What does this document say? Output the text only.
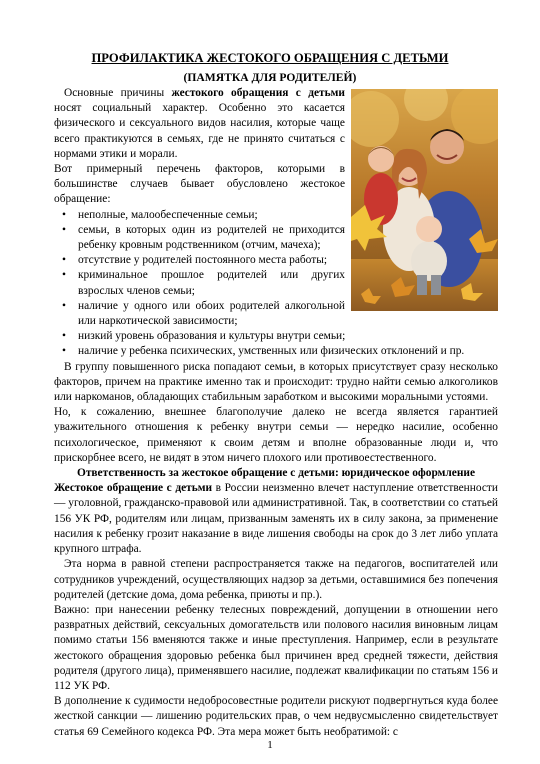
ПРОФИЛАКТИКА ЖЕСТОКОГО ОБРАЩЕНИЯ С ДЕТЬМИ
(ПАМЯТКА ДЛЯ РОДИТЕЛЕЙ)

Основные причины жестокого обращения с детьми носят социальный характер. Особенно это касается физического и сексуального видов насилия, которые чаще всего практикуются в семьях, где не принято считаться с нормами этики и морали.

Вот примерный перечень факторов, которыми в большинстве случаев бывает обусловлено жестокое обращение:

• неполные, малообеспеченные семьи;
• семьи, в которых один из родителей не приходится ребенку кровным родственником (отчим, мачеха);
• отсутствие у родителей постоянного места работы;
• криминальное прошлое родителей или других взрослых членов семьи;
• наличие у одного или обоих родителей алкогольной или наркотической зависимости;
• низкий уровень образования и культуры внутри семьи;
• наличие у ребенка психических, умственных или физических отклонений и пр.

В группу повышенного риска попадают семьи, в которых присутствует сразу несколько факторов, причем на практике именно так и происходит: трудно найти семью алкоголиков или наркоманов, обладающих стабильным заработком и высокими моральными устоями.

Но, к сожалению, внешнее благополучие далеко не всегда является гарантией уважительного отношения к ребенку внутри семьи — нередко насилие, особенно психологическое, применяют к своим детям и вполне образованные люди и, что прискорбнее всего, не видят в этом ничего плохого или противоестественного.

Ответственность за жестокое обращение с детьми: юридическое оформление

Жестокое обращение с детьми в России неизменно влечет наступление ответственности — уголовной, гражданско-правовой или административной. Так, в соответствии со статьей 156 УК РФ, родителям или лицам, призванным заменять их в силу закона, за применение насилия к ребенку грозит наказание в виде лишения свободы на срок до 3 лет либо уплата крупного штрафа.

Эта норма в равной степени распространяется также на педагогов, воспитателей или сотрудников учреждений, осуществляющих надзор за детьми, оставшимися без попечения родителей (детские дома, дома ребенка, приюты и пр.).

Важно: при нанесении ребенку телесных повреждений, допущении в отношении него развратных действий, сексуальных домогательств или полового насилия виновным лицам помимо статьи 156 вменяются также и иные преступления. Например, если в результате жестокого обращения здоровью ребенка был причинен вред средней тяжести, действия родителя (другого лица), применявшего насилие, подлежат квалификации по статьям 156 и 112 УК РФ.

В дополнение к судимости недобросовестные родители рискуют подвергнуться куда более жесткой санкции — лишению родительских прав, о чем недвусмысленно свидетельствует статья 69 Семейного кодекса РФ. Эта мера может быть необратимой: с

1
